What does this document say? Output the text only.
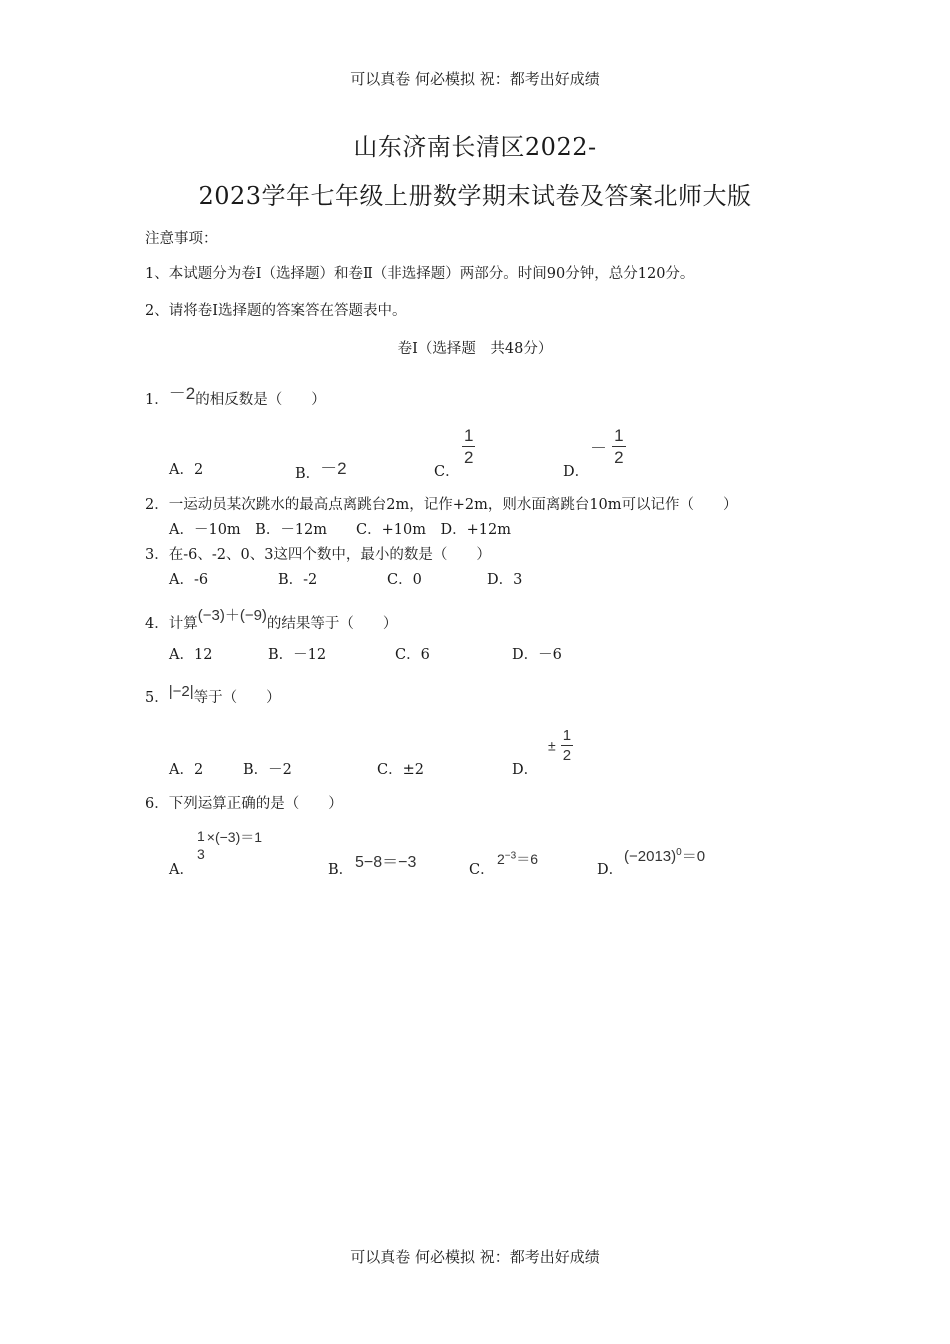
可以真卷 何必模拟 祝：都考出好成绩
山东济南长清区2022-
2023学年七年级上册数学期末试卷及答案北师大版
注意事项：
1、本试题分为卷Ⅰ（选择题）和卷Ⅱ（非选择题）两部分。时间90分钟，总分120分。
2、请将卷Ⅰ选择题的答案答在答题表中。
卷Ⅰ（选择题　共48分）
1．－2的相反数是（　　）
A．2	B．－2	C．
$\frac{1}{2}$
D．
－ $\frac{1}{2}$
2．一运动员某次跳水的最高点离跳台2m，记作+2m，则水面离跳台10m可以记作（　　）
A．－10m　B．－12m　　C．+10m　D．+12m
3．在-6、-2、0、3这四个数中，最小的数是（　　）
A．-6	B．-2	C．0	D．3
4．计算(−3)＋(−9)的结果等于（　　）
A．12	B．－12	C．6	D．－6
5．|−2|等于（　　）
A．2	B．－2	C．±2	D．
± $\frac{1}{2}$
6．下列运算正确的是（　　）
A．
1
3
×(−3)＝1
B． 5−8＝−3	C．
$2^{-3}=6$
D．
$(-2013)^0=0$
可以真卷 何必模拟 祝：都考出好成绩
